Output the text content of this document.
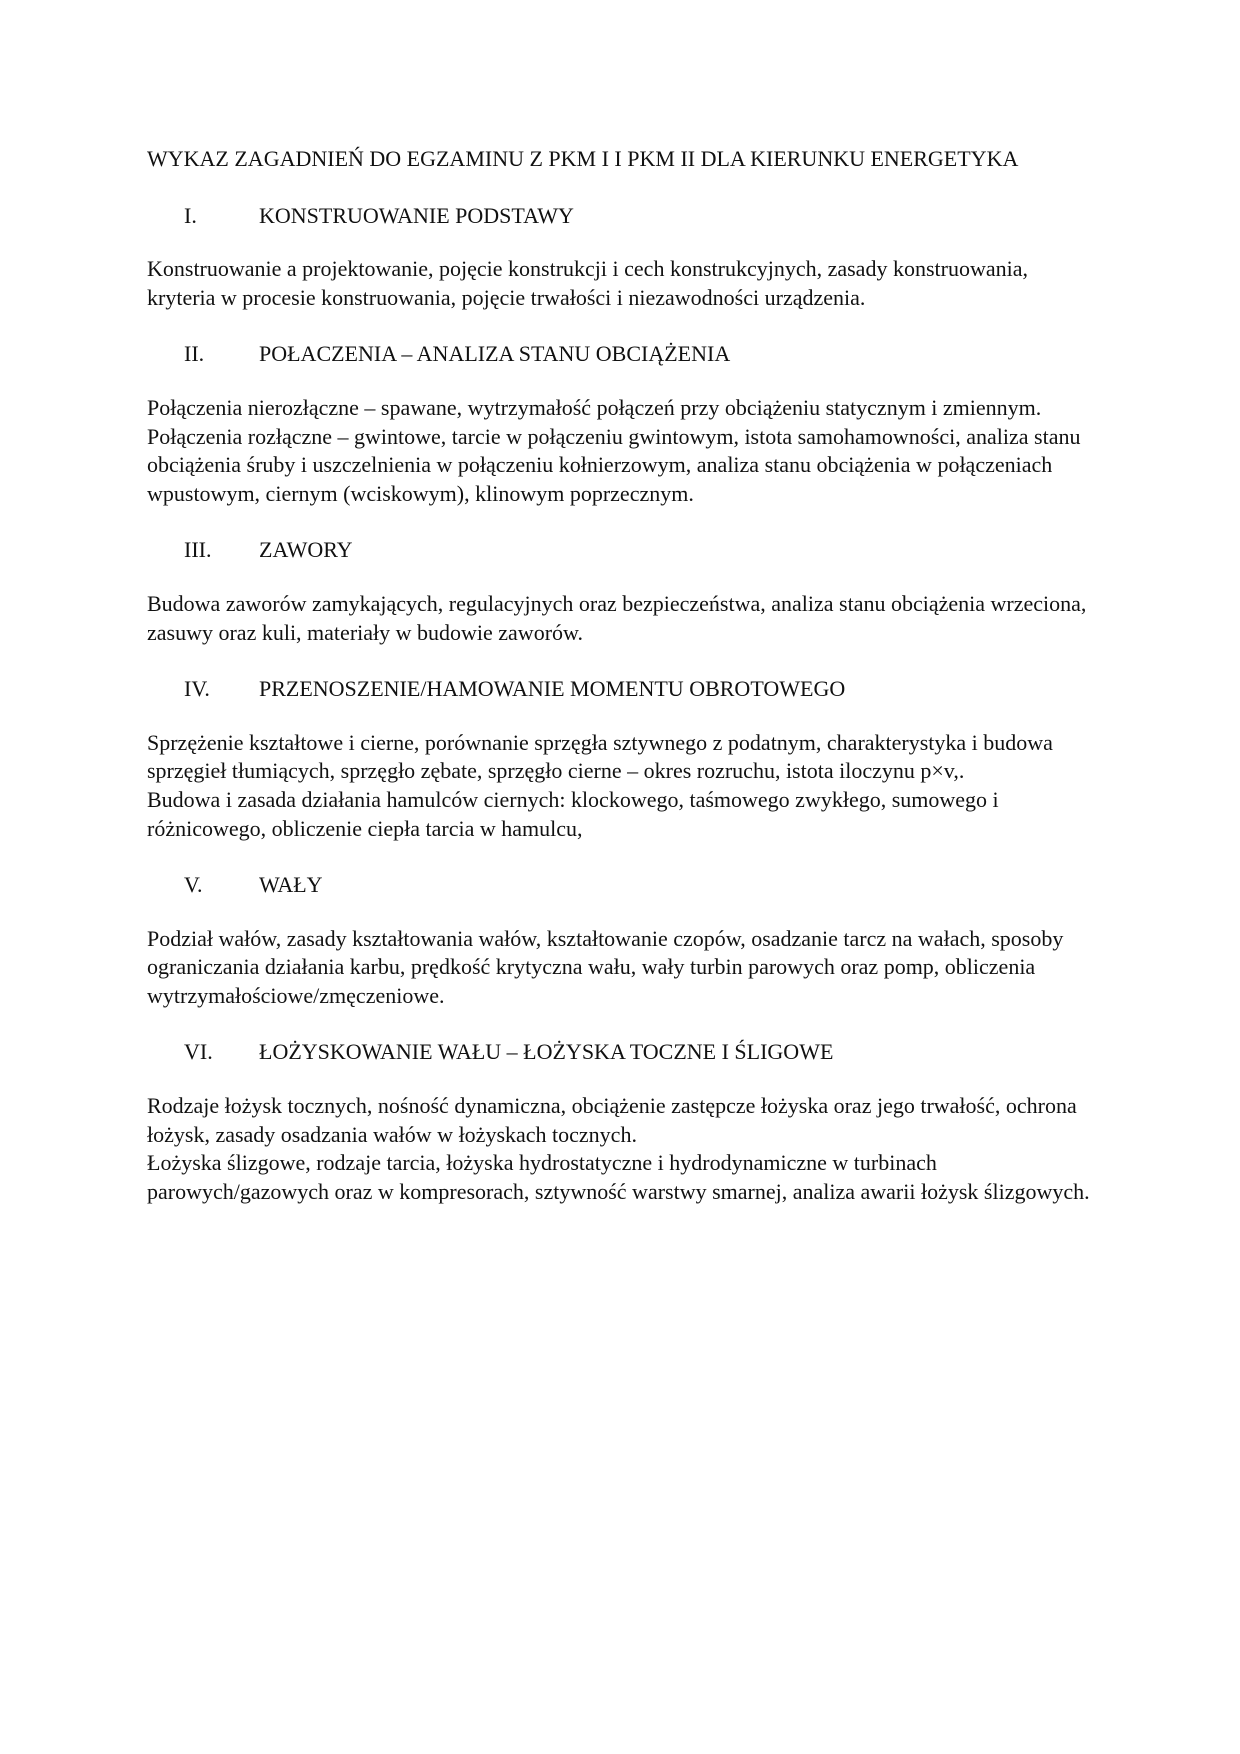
WYKAZ ZAGADNIEŃ DO EGZAMINU Z PKM I I PKM II DLA KIERUNKU ENERGETYKA
I.	KONSTRUOWANIE PODSTAWY

Konstruowanie a projektowanie, pojęcie konstrukcji i cech konstrukcyjnych, zasady konstruowania, kryteria w procesie konstruowania, pojęcie trwałości i niezawodności urządzenia.

II.	POŁACZENIA – ANALIZA STANU OBCIĄŻENIA

Połączenia nierozłączne – spawane, wytrzymałość połączeń przy obciążeniu statycznym i zmiennym.

Połączenia rozłączne – gwintowe, tarcie w połączeniu gwintowym, istota samohamowności, analiza stanu obciążenia śruby i uszczelnienia w połączeniu kołnierzowym, analiza stanu obciążenia w połączeniach wpustowym, ciernym (wciskowym), klinowym poprzecznym.

III.	ZAWORY

Budowa zaworów zamykających, regulacyjnych oraz bezpieczeństwa, analiza stanu obciążenia wrzeciona, zasuwy oraz kuli, materiały w budowie zaworów.

IV.	PRZENOSZENIE/HAMOWANIE MOMENTU OBROTOWEGO

Sprzężenie kształtowe i cierne, porównanie sprzęgła sztywnego z podatnym, charakterystyka i budowa sprzęgieł tłumiących, sprzęgło zębate, sprzęgło cierne – okres rozruchu, istota iloczynu p×v,.

Budowa i zasada działania hamulców ciernych: klockowego, taśmowego zwykłego, sumowego i różnicowego, obliczenie ciepła tarcia w hamulcu,

V.	WAŁY

Podział wałów, zasady kształtowania wałów, kształtowanie czopów, osadzanie tarcz na wałach, sposoby ograniczania działania karbu, prędkość krytyczna wału, wały turbin parowych oraz pomp, obliczenia wytrzymałościowe/zmęczeniowe.

VI.	ŁOŻYSKOWANIE WAŁU – ŁOŻYSKA TOCZNE I ŚLIGOWE

Rodzaje łożysk tocznych, nośność dynamiczna, obciążenie zastępcze łożyska oraz jego trwałość, ochrona łożysk, zasady osadzania wałów w łożyskach tocznych.

Łożyska ślizgowe, rodzaje tarcia, łożyska hydrostatyczne i hydrodynamiczne w turbinach parowych/gazowych oraz w kompresorach, sztywność warstwy smarnej, analiza awarii łożysk ślizgowych.
